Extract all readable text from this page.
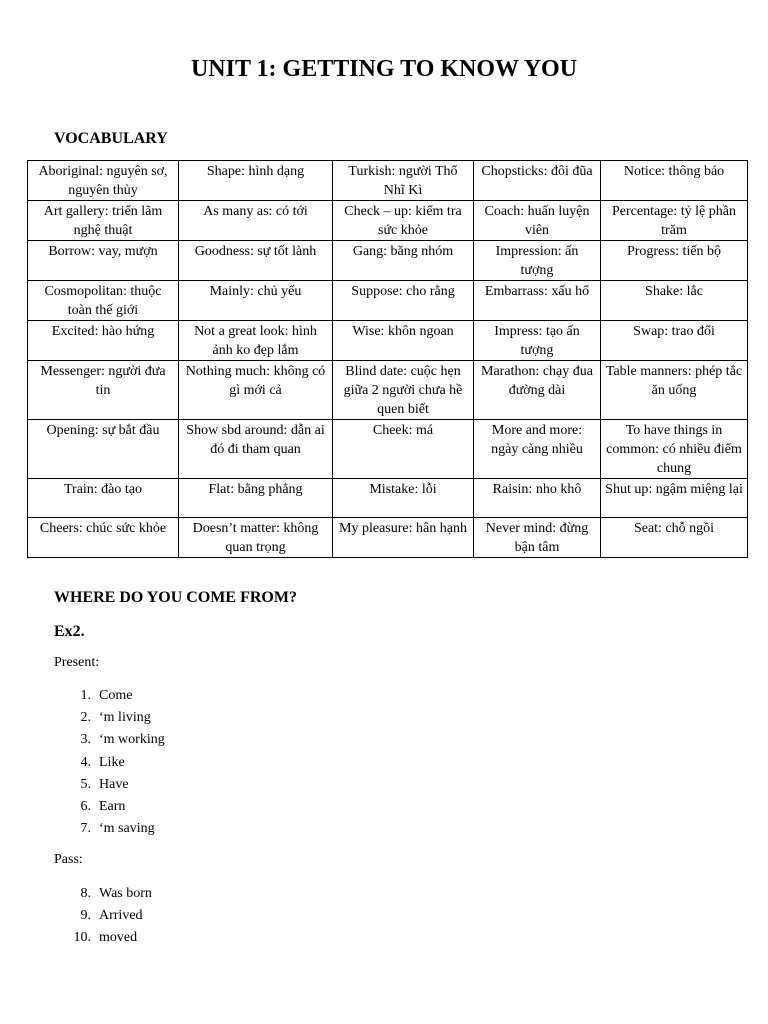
UNIT 1: GETTING TO KNOW YOU
VOCABULARY
Aboriginal: nguyên sơ, nguyên thủy	Shape: hình dạng	Turkish: người Thổ Nhĩ Kì	Chopsticks: đôi đũa	Notice: thông báo
Art gallery: triển lãm nghệ thuật	As many as: có tới	Check – up: kiểm tra sức khỏe	Coach: huấn luyện viên	Percentage: tỷ lệ phần trăm
Borrow: vay, mượn	Goodness: sự tốt lành	Gang: băng nhóm	Impression: ấn tượng	Progress: tiến bộ
Cosmopolitan: thuộc toàn thế giới	Mainly: chủ yếu	Suppose: cho rằng	Embarrass: xấu hổ	Shake: lắc
Excited: hào hứng	Not a great look: hình ảnh ko đẹp lắm	Wise: khôn ngoan	Impress: tạo ấn tượng	Swap: trao đổi
Messenger: người đưa tin	Nothing much: không có gì mới cả	Blind date: cuộc hẹn giữa 2 người chưa hề quen biết	Marathon: chạy đua đường dài	Table manners: phép tắc ăn uống
Opening: sự bắt đầu	Show sbd around: dẫn ai đó đi tham quan	Cheek: má	More and more: ngày càng nhiều	To have things in common: có nhiều điểm chung
Train: đào tạo	Flat: bằng phẳng	Mistake: lỗi	Raisin: nho khô	Shut up: ngậm miệng lại
Cheers: chúc sức khỏe	Doesn’t matter: không quan trọng	My pleasure: hân hạnh	Never mind: đừng bận tâm	Seat: chỗ ngồi
WHERE DO YOU COME FROM?
Ex2.
Present:
1. Come
2. ‘m living
3. ‘m working
4. Like
5. Have
6. Earn
7. ‘m saving
Pass:
8. Was born
9. Arrived
10. moved
